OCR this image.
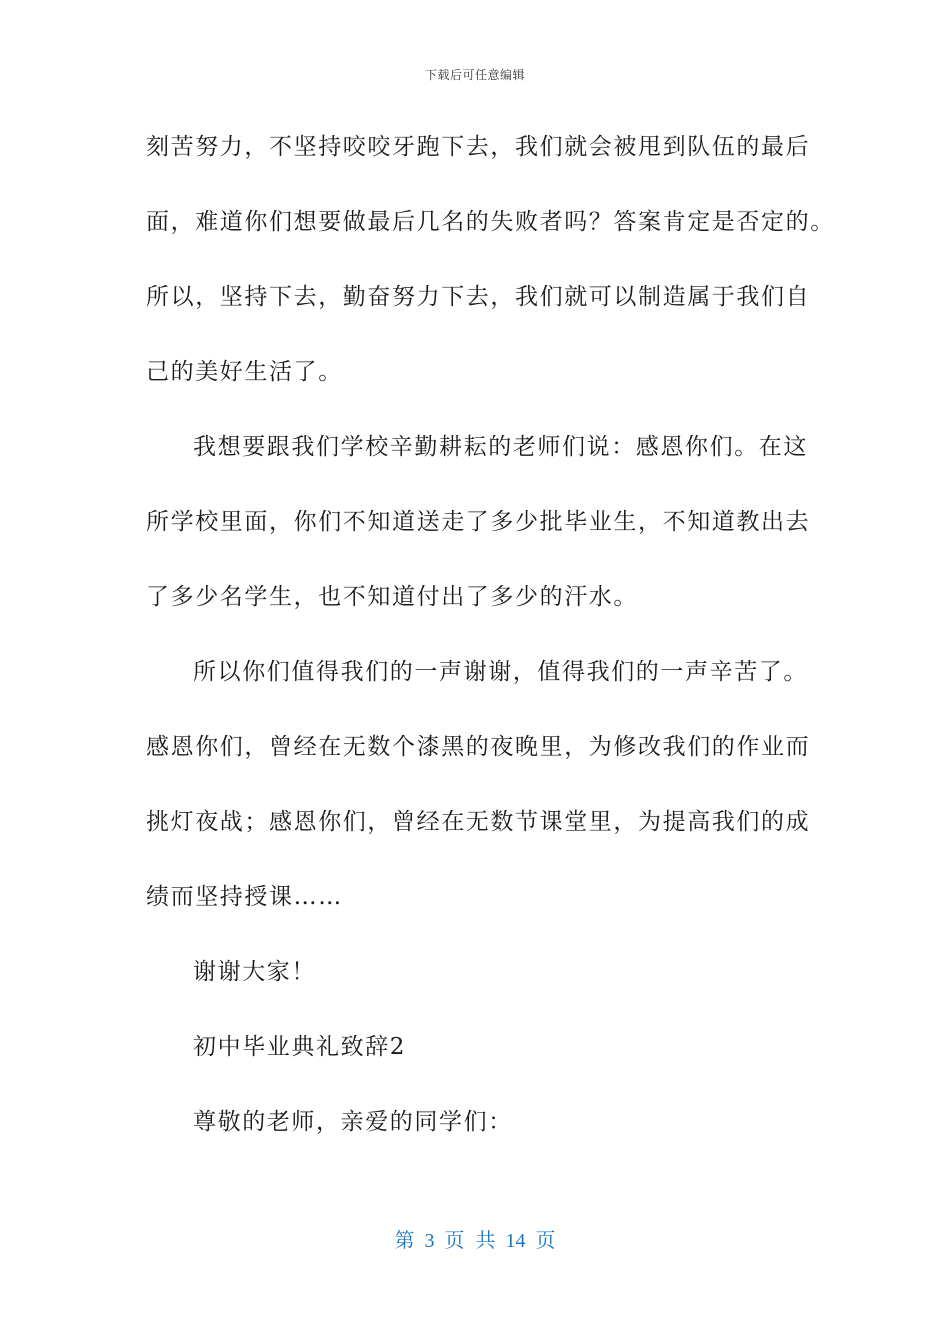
下载后可任意编辑
刻苦努力，不坚持咬咬牙跑下去，我们就会被甩到队伍的最后
面，难道你们想要做最后几名的失败者吗？答案肯定是否定的。
所以，坚持下去，勤奋努力下去，我们就可以制造属于我们自
己的美好生活了。
我想要跟我们学校辛勤耕耘的老师们说：感恩你们。在这
所学校里面，你们不知道送走了多少批毕业生，不知道教出去
了多少名学生，也不知道付出了多少的汗水。
所以你们值得我们的一声谢谢，值得我们的一声辛苦了。
感恩你们，曾经在无数个漆黑的夜晚里，为修改我们的作业而
挑灯夜战；感恩你们，曾经在无数节课堂里，为提高我们的成
绩而坚持授课……
谢谢大家！
初中毕业典礼致辞2
尊敬的老师，亲爱的同学们：
第 3 页 共 14 页
